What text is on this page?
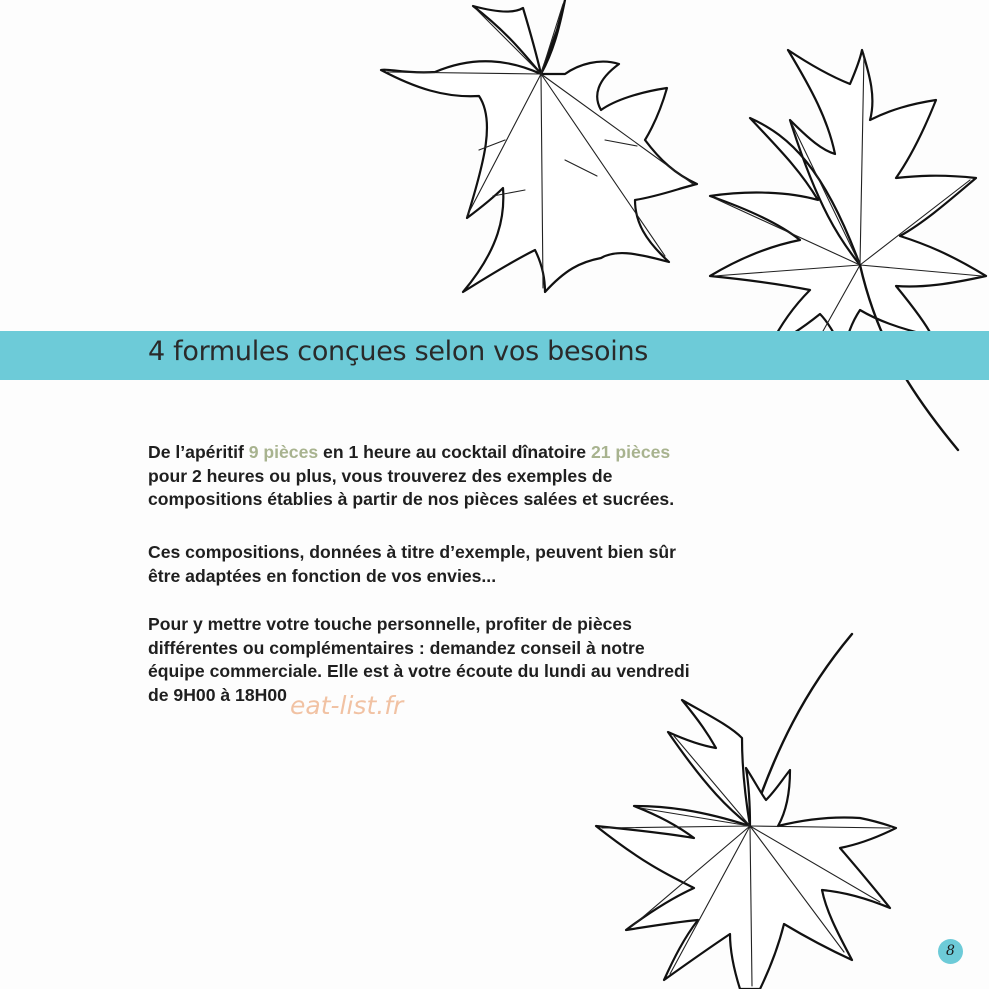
4 formules conçues selon vos besoins
De l’apéritif 9 pièces en 1 heure au cocktail dînatoire 21 pièces
pour 2 heures ou plus, vous trouverez des exemples de
compositions établies à partir de nos pièces salées et sucrées.
Ces compositions, données à titre d’exemple, peuvent bien sûr
être adaptées en fonction de vos envies...
Pour y mettre votre touche personnelle, profiter de pièces
différentes ou complémentaires : demandez conseil à notre
équipe commerciale. Elle est à votre écoute du lundi au vendredi
de 9H00 à 18H00 eat-list.fr
8
